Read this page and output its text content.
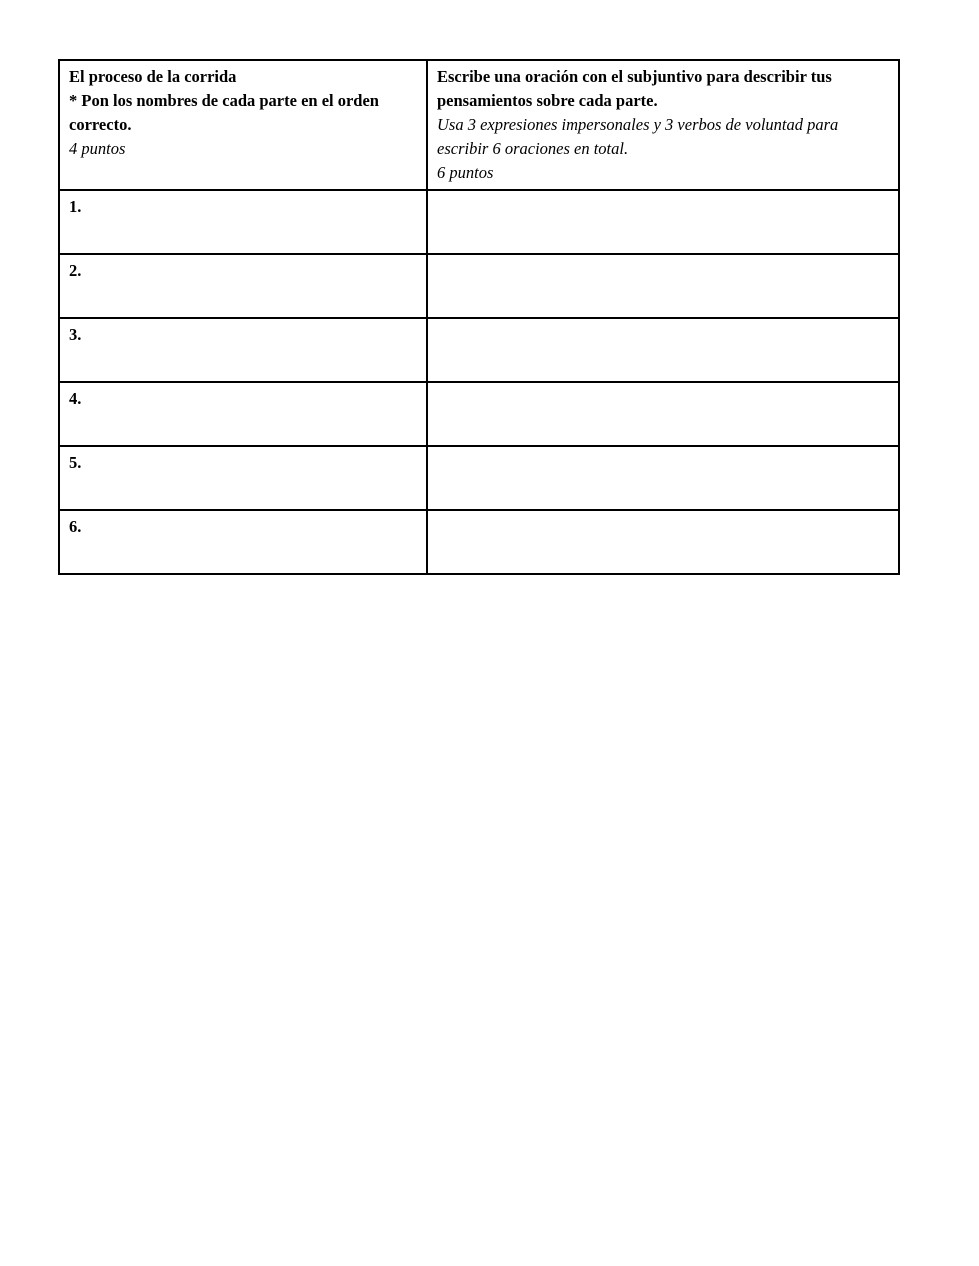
El proceso de la corrida
* Pon los nombres de cada parte en el orden correcto.
4 puntos

Escribe una oración con el subjuntivo para describir tus pensamientos sobre cada parte.
Usa 3 expresiones impersonales y 3 verbos de voluntad para escribir 6 oraciones en total.
6 puntos

1.	
2.	
3.	
4.	
5.	
6.	
